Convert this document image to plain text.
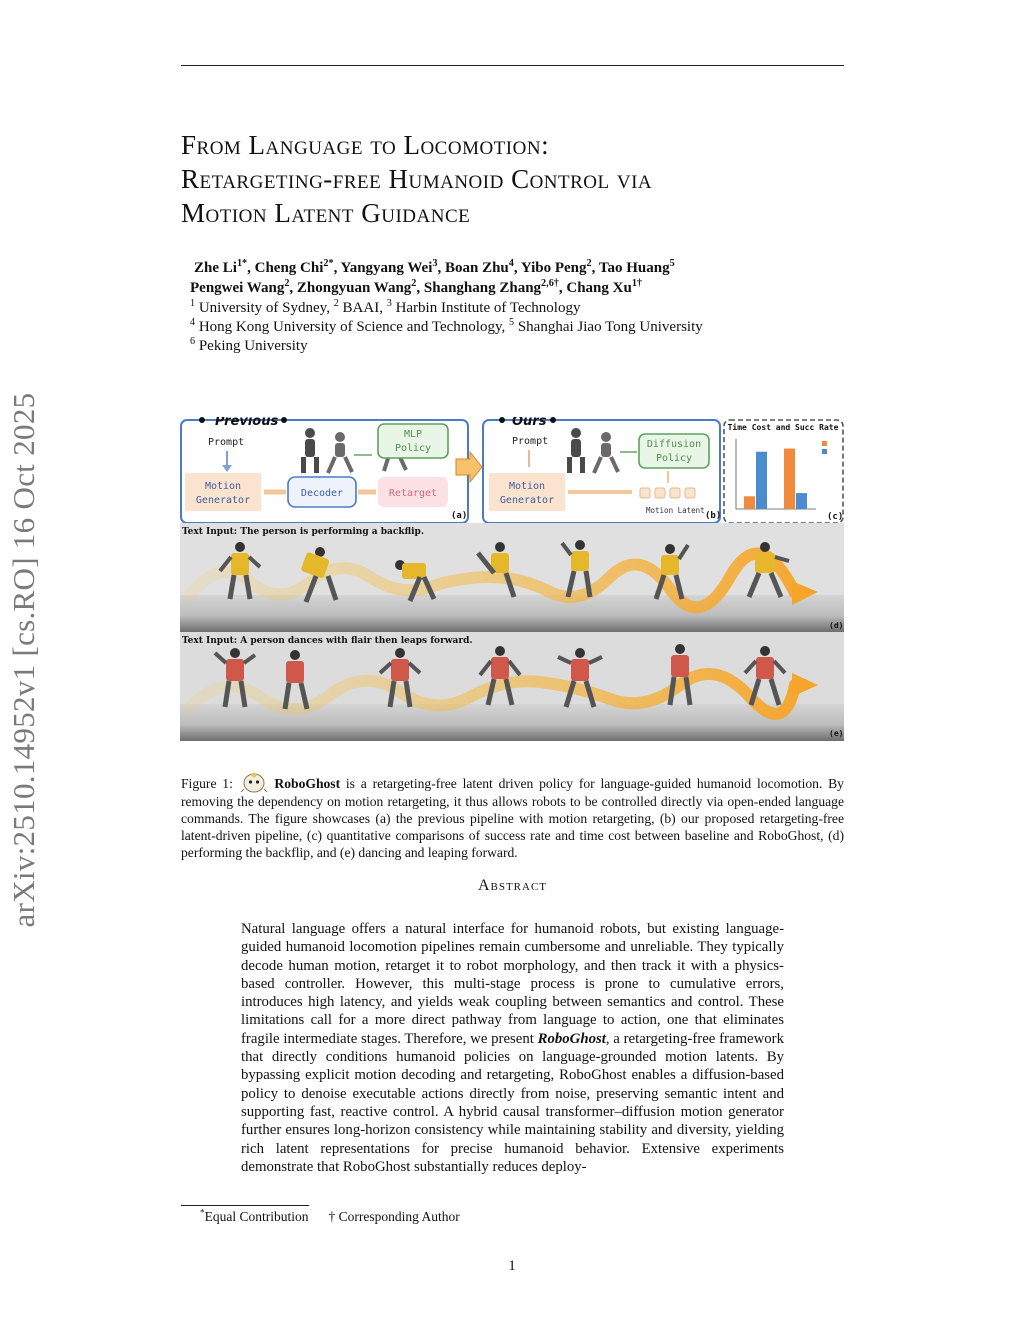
arXiv:2510.14952v1 [cs.RO] 16 Oct 2025
From Language to Locomotion:
Retargeting-free Humanoid Control via
Motion Latent Guidance
Zhe $Li^{1*}$, Cheng Chi$^{2*}$, Yangyang Wei$^3$, Boan Zhu$^4$, Yibo Peng$^2$, Tao Huang$^5$
Pengwei Wang$^2$, Zhongyuan Wang$^2$, Shanghang Zhang$^{2,6\dagger}$, Chang $Xu^{1\dagger}$
$^1$ University of Sydney, $^2$ BAAI, $^3$ Harbin Institute of Technology
$^4$ Hong Kong University of Science and Technology, $^5$ Shanghai Jiao Tong University
$^6$ Peking University
Previous
Prompt
Motion
Generator
Decoder	Retarget
MLP
Policy
(a)
Ours
Prompt
Motion
Generator
Motion Latent
Diffusion
Policy
(b)
Time Cost and Succ Rate
(c)
Text Input: The person is performing a backflip.
(d)
Text Input: A person dances with flair then leaps forward.
(e)
Figure 1:	RoboGhost is a retargeting-free latent driven policy for language-guided humanoid locomotion. By removing the dependency on motion retargeting, it thus allows robots to be controlled directly via open-ended language commands. The figure showcases (a) the previous pipeline with motion retargeting, (b) our proposed retargeting-free latent-driven pipeline, (c) quantitative comparisons of success rate and time cost between baseline and RoboGhost, (d) performing the backflip, and (e) dancing and leaping forward.
Abstract
Natural language offers a natural interface for humanoid robots, but existing language-guided humanoid locomotion pipelines remain cumbersome and unreliable. They typically decode human motion, retarget it to robot morphology, and then track it with a physics-based controller. However, this multi-stage process is prone to cumulative errors, introduces high latency, and yields weak coupling between semantics and control. These limitations call for a more direct pathway from language to action, one that eliminates fragile intermediate stages. Therefore, we present RoboGhost, a retargeting-free framework that directly conditions humanoid policies on language-grounded motion latents. By bypassing explicit motion decoding and retargeting, RoboGhost enables a diffusion-based policy to denoise executable actions directly from noise, preserving semantic intent and supporting fast, reactive control. A hybrid causal transformer–diffusion motion generator further ensures long-horizon consistency while maintaining stability and diversity, yielding rich latent representations for precise humanoid behavior. Extensive experiments demonstrate that RoboGhost substantially reduces deploy-
*Equal Contribution † Corresponding Author
1
